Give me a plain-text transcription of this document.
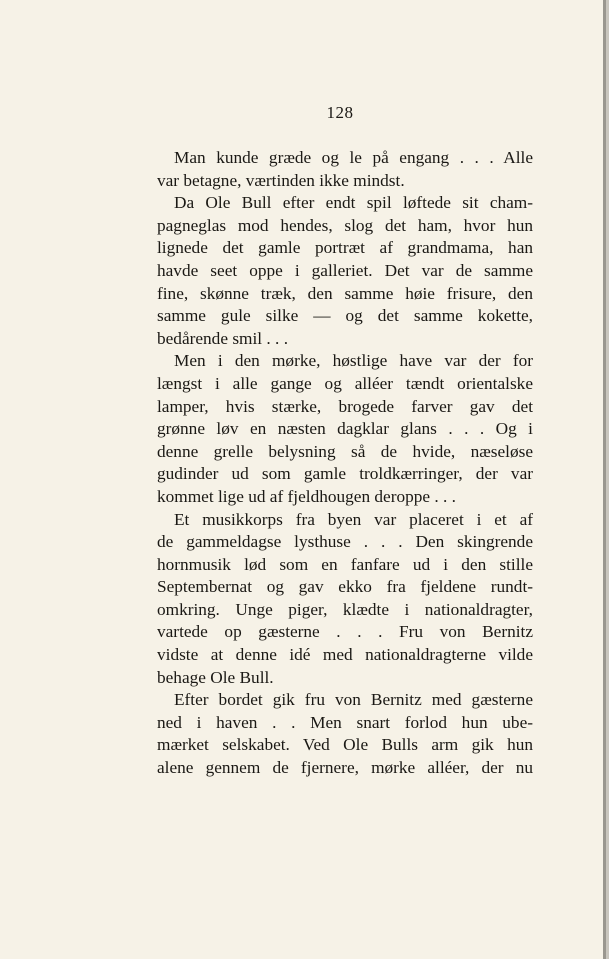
128
Man kunde græde og le på engang . . . Alle
var betagne, værtinden ikke mindst.
Da Ole Bull efter endt spil løftede sit cham-
pagneglas mod hendes, slog det ham, hvor hun
lignede det gamle portræt af grandmama, han
havde seet oppe i galleriet. Det var de samme
fine, skønne træk, den samme høie frisure, den
samme gule silke — og det samme kokette,
bedårende smil . . .
Men i den mørke, høstlige have var der for
længst i alle gange og alléer tændt orientalske
lamper, hvis stærke, brogede farver gav det
grønne løv en næsten dagklar glans . . . Og i
denne grelle belysning så de hvide, næseløse
gudinder ud som gamle troldkærringer, der var
kommet lige ud af fjeldhougen deroppe . . .
Et musikkorps fra byen var placeret i et af
de gammeldagse lysthuse . . . Den skingrende
hornmusik lød som en fanfare ud i den stille
Septembernat og gav ekko fra fjeldene rundt-
omkring. Unge piger, klædte i nationaldragter,
vartede op gæsterne . . . Fru von Bernitz
vidste at denne idé med nationaldragterne vilde
behage Ole Bull.
Efter bordet gik fru von Bernitz med gæsterne
ned i haven . . Men snart forlod hun ube-
mærket selskabet. Ved Ole Bulls arm gik hun
alene gennem de fjernere, mørke alléer, der nu
